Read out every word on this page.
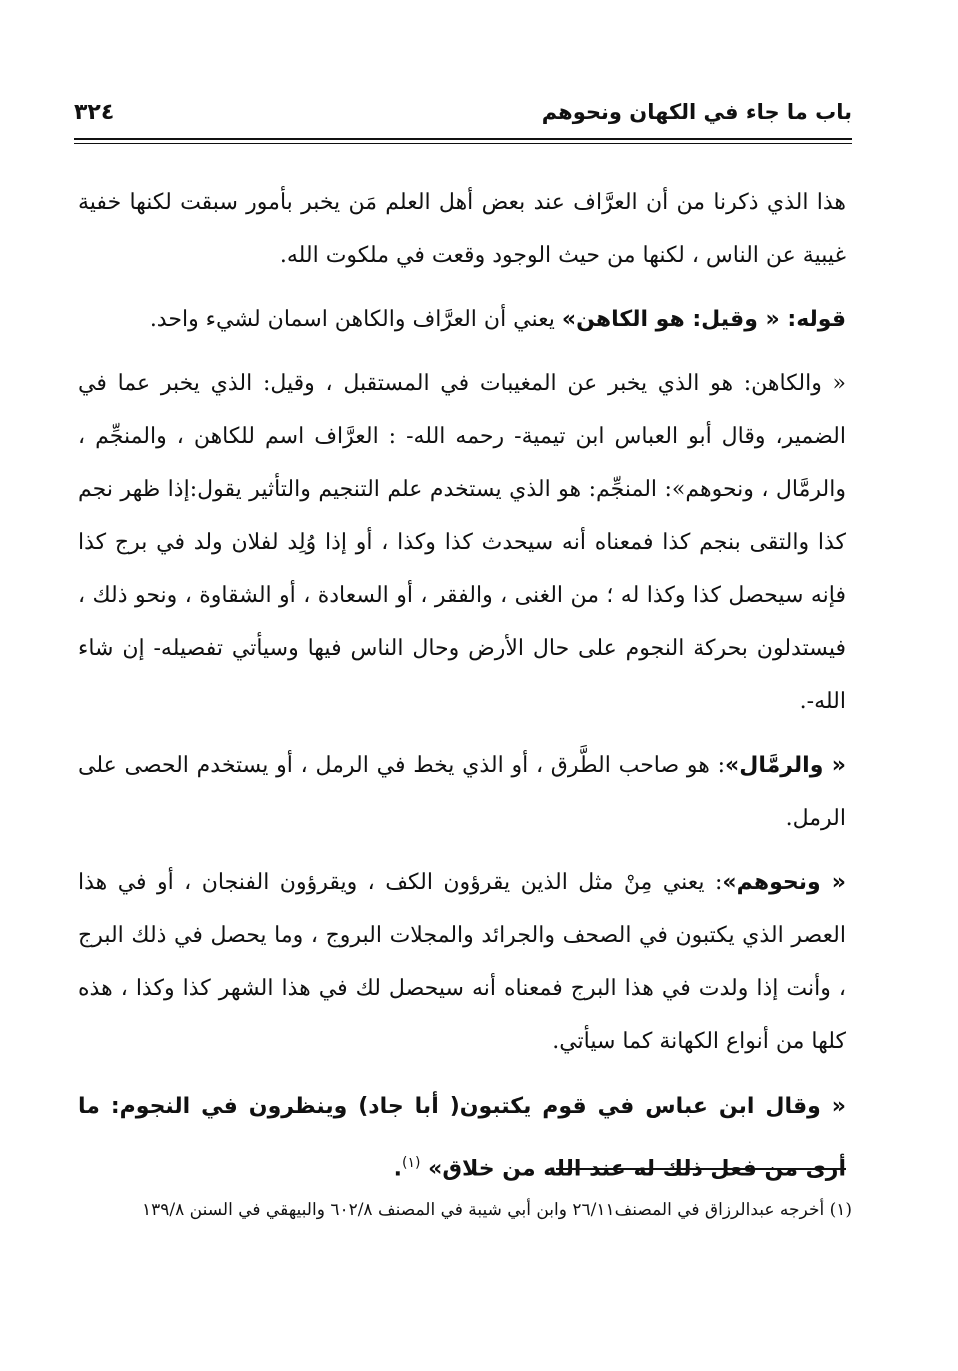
٣٢٤	باب ما جاء في الكهان ونحوهم

هذا الذي ذكرنا من أن العرَّاف عند بعض أهل العلم مَن يخبر بأمور سبقت لكنها خفية غيبية عن الناس ، لكنها من حيث الوجود وقعت في ملكوت الله.

قوله: « وقيل: هو الكاهن» يعني أن العرَّاف والكاهن اسمان لشيء واحد.

« والكاهن: هو الذي يخبر عن المغيبات في المستقبل ، وقيل: الذي يخبر عما في الضمير، وقال أبو العباس ابن تيمية- رحمه الله- : العرَّاف اسم للكاهن ، والمنجِّم ، والرمَّال ، ونحوهم»: المنجِّم: هو الذي يستخدم علم التنجيم والتأثير يقول:إذا ظهر نجم كذا والتقى بنجم كذا فمعناه أنه سيحدث كذا وكذا ، أو إذا وُلِد لفلان ولد في برج كذا فإنه سيحصل كذا وكذا له ؛ من الغنى ، والفقر ، أو السعادة ، أو الشقاوة ، ونحو ذلك ، فيستدلون بحركة النجوم على حال الأرض وحال الناس فيها وسيأتي تفصيله- إن شاء الله-.

« والرمَّال»: هو صاحب الطَّرق ، أو الذي يخط في الرمل ، أو يستخدم الحصى على الرمل.

« ونحوهم»: يعني مِنْ مثل الذين يقرؤون الكف ، ويقرؤون الفنجان ، أو في هذا العصر الذي يكتبون في الصحف والجرائد والمجلات البروج ، وما يحصل في ذلك البرج ، وأنت إذا ولدت في هذا البرج فمعناه أنه سيحصل لك في هذا الشهر كذا وكذا ، هذه كلها من أنواع الكهانة كما سيأتي.

« وقال ابن عباس في قوم يكتبون( أبا جاد) وينظرون في النجوم: ما أرى من فعل ذلك له عند الله من خلاق» $^{(١)}$.

(١) أخرجه عبدالرزاق في المصنف٢٦/١١ وابن أبي شيبة في المصنف ٦٠٢/٨ والبيهقي في السنن ١٣٩/٨
